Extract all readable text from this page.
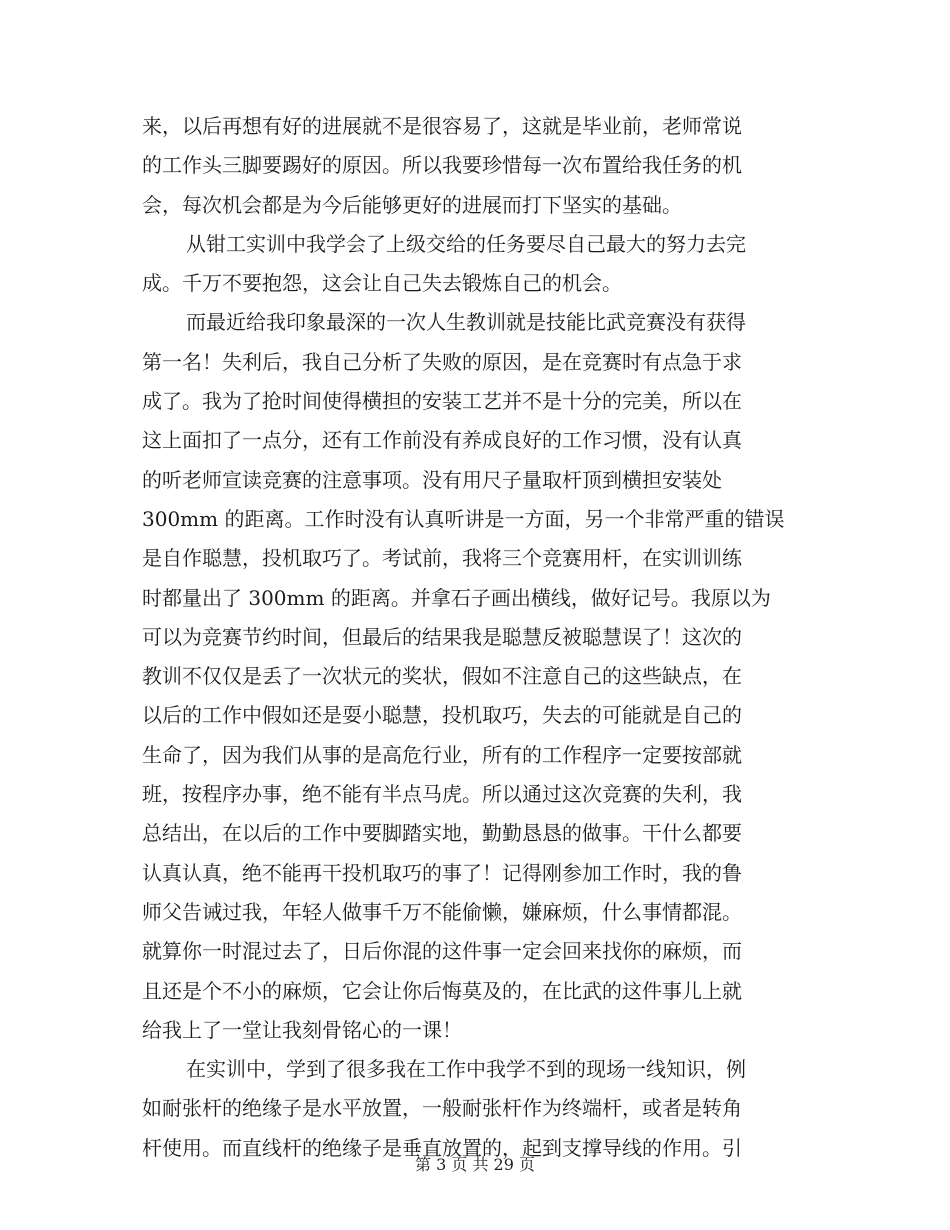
来，以后再想有好的进展就不是很容易了，这就是毕业前，老师常说
的工作头三脚要踢好的原因。所以我要珍惜每一次布置给我任务的机
会，每次机会都是为今后能够更好的进展而打下坚实的基础。
从钳工实训中我学会了上级交给的任务要尽自己最大的努力去完
成。千万不要抱怨，这会让自己失去锻炼自己的机会。
而最近给我印象最深的一次人生教训就是技能比武竞赛没有获得
第一名！失利后，我自己分析了失败的原因，是在竞赛时有点急于求
成了。我为了抢时间使得横担的安装工艺并不是十分的完美，所以在
这上面扣了一点分，还有工作前没有养成良好的工作习惯，没有认真
的听老师宣读竞赛的注意事项。没有用尺子量取杆顶到横担安装处
300mm 的距离。工作时没有认真听讲是一方面，另一个非常严重的错误
是自作聪慧，投机取巧了。考试前，我将三个竞赛用杆，在实训训练
时都量出了 300mm 的距离。并拿石子画出横线，做好记号。我原以为
可以为竞赛节约时间，但最后的结果我是聪慧反被聪慧误了！这次的
教训不仅仅是丢了一次状元的奖状，假如不注意自己的这些缺点，在
以后的工作中假如还是耍小聪慧，投机取巧，失去的可能就是自己的
生命了，因为我们从事的是高危行业，所有的工作程序一定要按部就
班，按程序办事，绝不能有半点马虎。所以通过这次竞赛的失利，我
总结出，在以后的工作中要脚踏实地，勤勤恳恳的做事。干什么都要
认真认真，绝不能再干投机取巧的事了！记得刚参加工作时，我的鲁
师父告诫过我，年轻人做事千万不能偷懒，嫌麻烦，什么事情都混。
就算你一时混过去了，日后你混的这件事一定会回来找你的麻烦，而
且还是个不小的麻烦，它会让你后悔莫及的，在比武的这件事儿上就
给我上了一堂让我刻骨铭心的一课！
在实训中，学到了很多我在工作中我学不到的现场一线知识，例
如耐张杆的绝缘子是水平放置，一般耐张杆作为终端杆，或者是转角
杆使用。而直线杆的绝缘子是垂直放置的，起到支撑导线的作用。引
第 3 页 共 29 页
